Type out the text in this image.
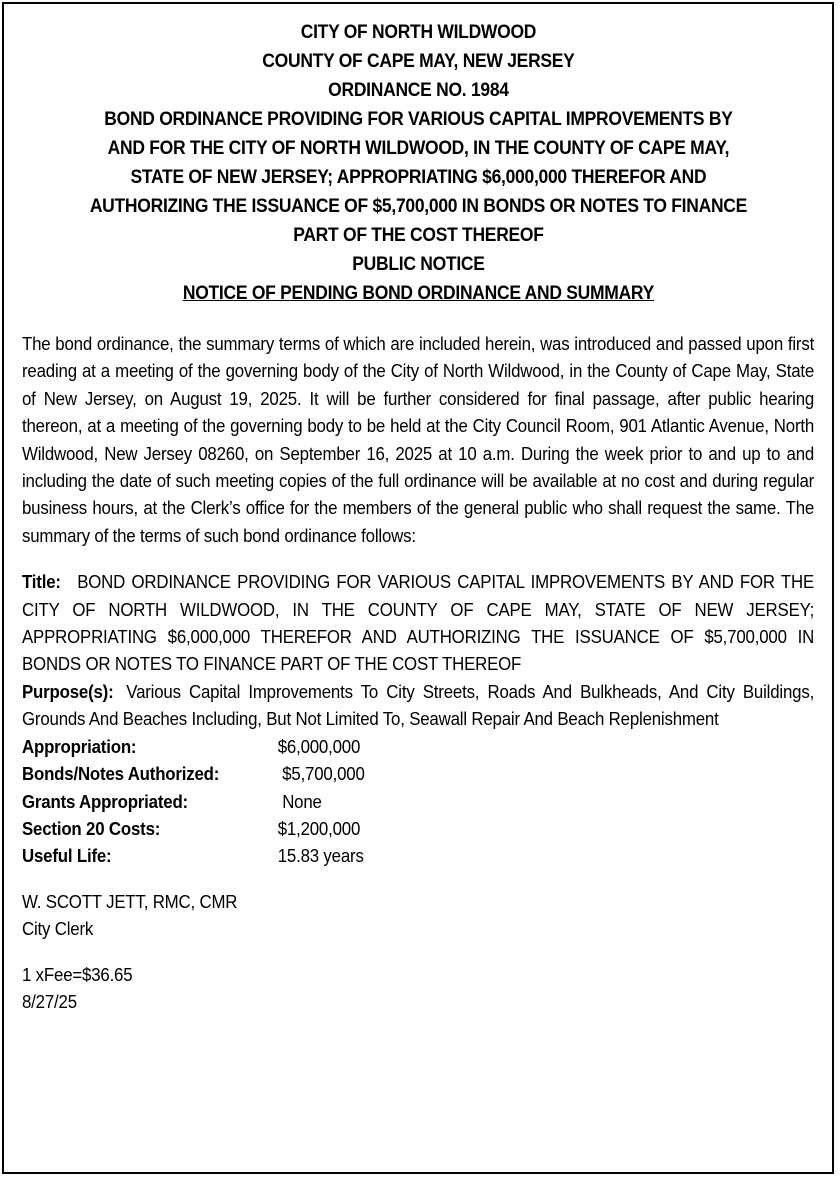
CITY OF NORTH WILDWOOD
COUNTY OF CAPE MAY, NEW JERSEY
ORDINANCE NO. 1984
BOND ORDINANCE PROVIDING FOR VARIOUS CAPITAL IMPROVEMENTS BY
AND FOR THE CITY OF NORTH WILDWOOD, IN THE COUNTY OF CAPE MAY,
STATE OF NEW JERSEY; APPROPRIATING $6,000,000 THEREFOR AND
AUTHORIZING THE ISSUANCE OF $5,700,000 IN BONDS OR NOTES TO FINANCE
PART OF THE COST THEREOF
PUBLIC NOTICE
NOTICE OF PENDING BOND ORDINANCE AND SUMMARY
The bond ordinance, the summary terms of which are included herein, was introduced and passed upon first reading at a meeting of the governing body of the City of North Wildwood, in the County of Cape May, State of New Jersey, on August 19, 2025. It will be further considered for final passage, after public hearing thereon, at a meeting of the governing body to be held at the City Council Room, 901 Atlantic Avenue, North Wildwood, New Jersey 08260, on September 16, 2025 at 10 a.m. During the week prior to and up to and including the date of such meeting copies of the full ordinance will be available at no cost and during regular business hours, at the Clerk’s office for the members of the general public who shall request the same. The summary of the terms of such bond ordinance follows:
Title: BOND ORDINANCE PROVIDING FOR VARIOUS CAPITAL IMPROVEMENTS BY AND FOR THE CITY OF NORTH WILDWOOD, IN THE COUNTY OF CAPE MAY, STATE OF NEW JERSEY; APPROPRIATING $6,000,000 THEREFOR AND AUTHORIZING THE ISSUANCE OF $5,700,000 IN BONDS OR NOTES TO FINANCE PART OF THE COST THEREOF
Purpose(s): Various Capital Improvements To City Streets, Roads And Bulkheads, And City Buildings, Grounds And Beaches Including, But Not Limited To, Seawall Repair And Beach Replenishment
Appropriation:	$6,000,000
Bonds/Notes Authorized:	$5,700,000
Grants Appropriated:	None
Section 20 Costs:	$1,200,000
Useful Life:	15.83 years
W. SCOTT JETT, RMC, CMR
City Clerk
1 xFee=$36.65
8/27/25
